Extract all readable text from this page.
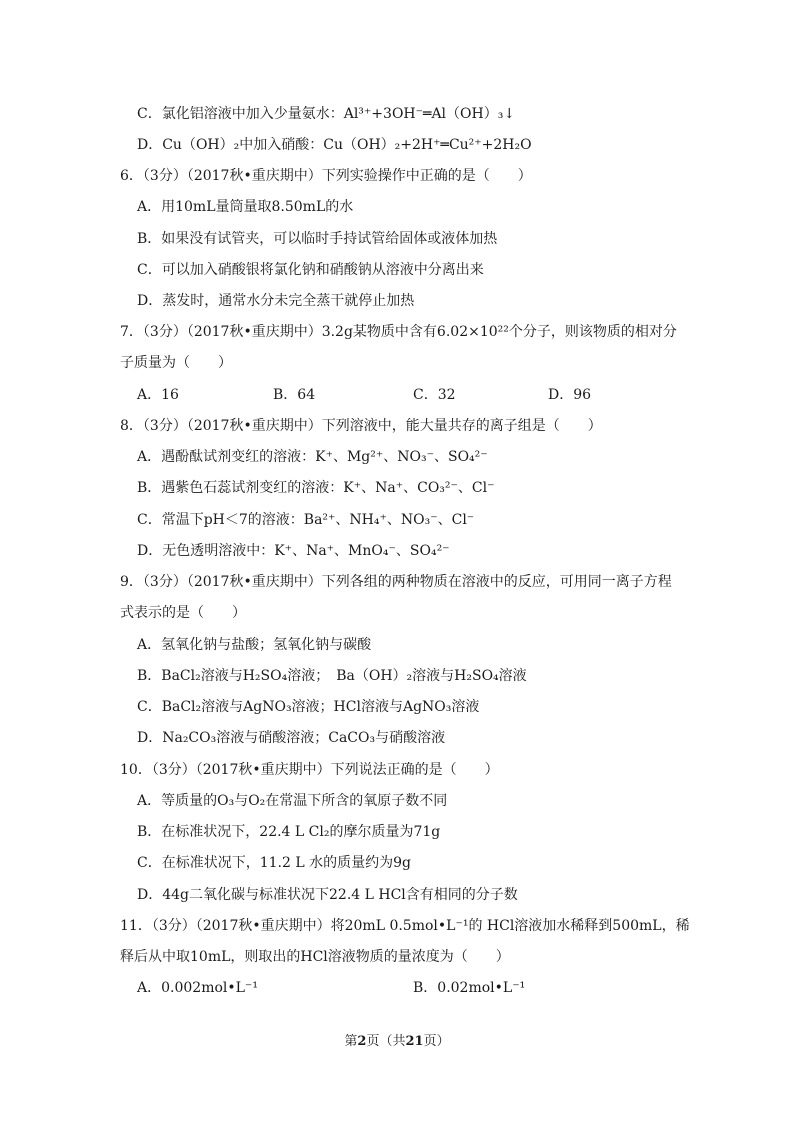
C．氯化铝溶液中加入少量氨水：Al³⁺+3OH⁻═Al（OH）₃↓
D．Cu（OH）₂中加入硝酸：Cu（OH）₂+2H⁺═Cu²⁺+2H₂O
6．（3分）（2017秋•重庆期中）下列实验操作中正确的是（　　）
A．用10mL量筒量取8.50mL的水
B．如果没有试管夹，可以临时手持试管给固体或液体加热
C．可以加入硝酸银将氯化钠和硝酸钠从溶液中分离出来
D．蒸发时，通常水分未完全蒸干就停止加热
7．（3分）（2017秋•重庆期中）3.2g某物质中含有6.02×10²²个分子，则该物质的相对分
子质量为（　　）
A．16	B．64	C．32	D．96
8．（3分）（2017秋•重庆期中）下列溶液中，能大量共存的离子组是（　　）
A．遇酚酞试剂变红的溶液：K⁺、Mg²⁺、NO₃⁻、SO₄²⁻
B．遇紫色石蕊试剂变红的溶液：K⁺、Na⁺、CO₃²⁻、Cl⁻
C．常温下pH＜7的溶液：Ba²⁺、NH₄⁺、NO₃⁻、Cl⁻
D．无色透明溶液中：K⁺、Na⁺、MnO₄⁻、SO₄²⁻
9．（3分）（2017秋•重庆期中）下列各组的两种物质在溶液中的反应，可用同一离子方程
式表示的是（　　）
A．氢氧化钠与盐酸；氢氧化钠与碳酸
B．BaCl₂溶液与H₂SO₄溶液；　Ba（OH）₂溶液与H₂SO₄溶液
C．BaCl₂溶液与AgNO₃溶液；HCl溶液与AgNO₃溶液
D．Na₂CO₃溶液与硝酸溶液；CaCO₃与硝酸溶液
10．（3分）（2017秋•重庆期中）下列说法正确的是（　　）
A．等质量的O₃与O₂在常温下所含的氧原子数不同
B．在标准状况下，22.4 L Cl₂的摩尔质量为71g
C．在标准状况下，11.2 L 水的质量约为9g
D．44g二氧化碳与标准状况下22.4 L HCl含有相同的分子数
11．（3分）（2017秋•重庆期中）将20mL 0.5mol•L⁻¹的 HCl溶液加水稀释到500mL，稀
释后从中取10mL，则取出的HCl溶液物质的量浓度为（　　）
A．0.002mol•L⁻¹	B．0.02mol•L⁻¹
第2页（共21页）
